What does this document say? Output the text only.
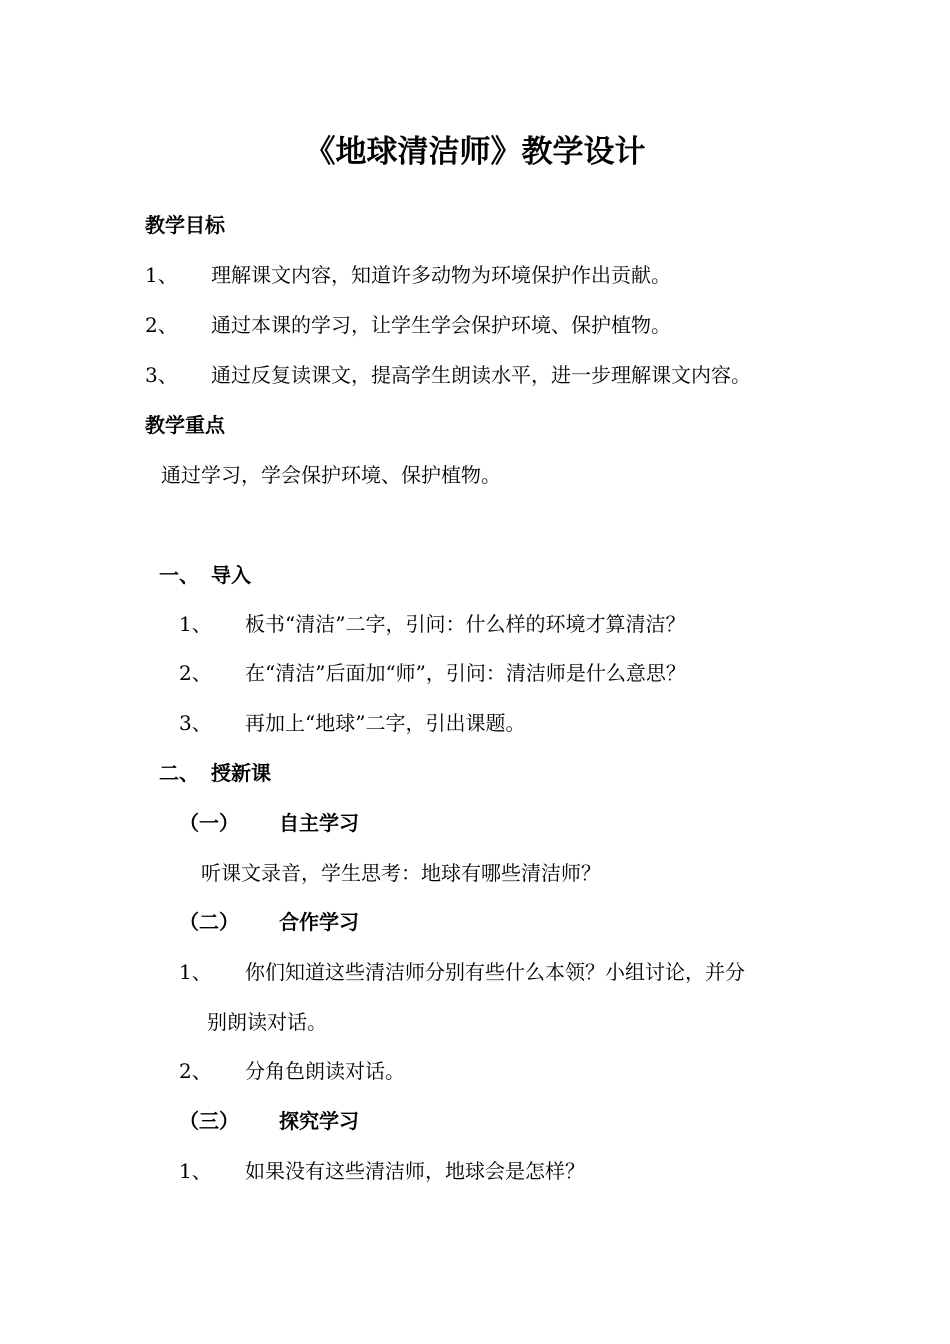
《地球清洁师》教学设计
教学目标
1、 理解课文内容，知道许多动物为环境保护作出贡献。
2、 通过本课的学习，让学生学会保护环境、保护植物。
3、 通过反复读课文，提高学生朗读水平，进一步理解课文内容。
教学重点
通过学习，学会保护环境、保护植物。
一、 导入
1、 板书“清洁”二字，引问：什么样的环境才算清洁？
2、 在“清洁”后面加“师”，引问：清洁师是什么意思？
3、 再加上“地球”二字，引出课题。
二、 授新课
（一） 自主学习
听课文录音，学生思考：地球有哪些清洁师？
（二） 合作学习
1、 你们知道这些清洁师分别有些什么本领？小组讨论，并分
别朗读对话。
2、 分角色朗读对话。
（三） 探究学习
1、 如果没有这些清洁师，地球会是怎样？
